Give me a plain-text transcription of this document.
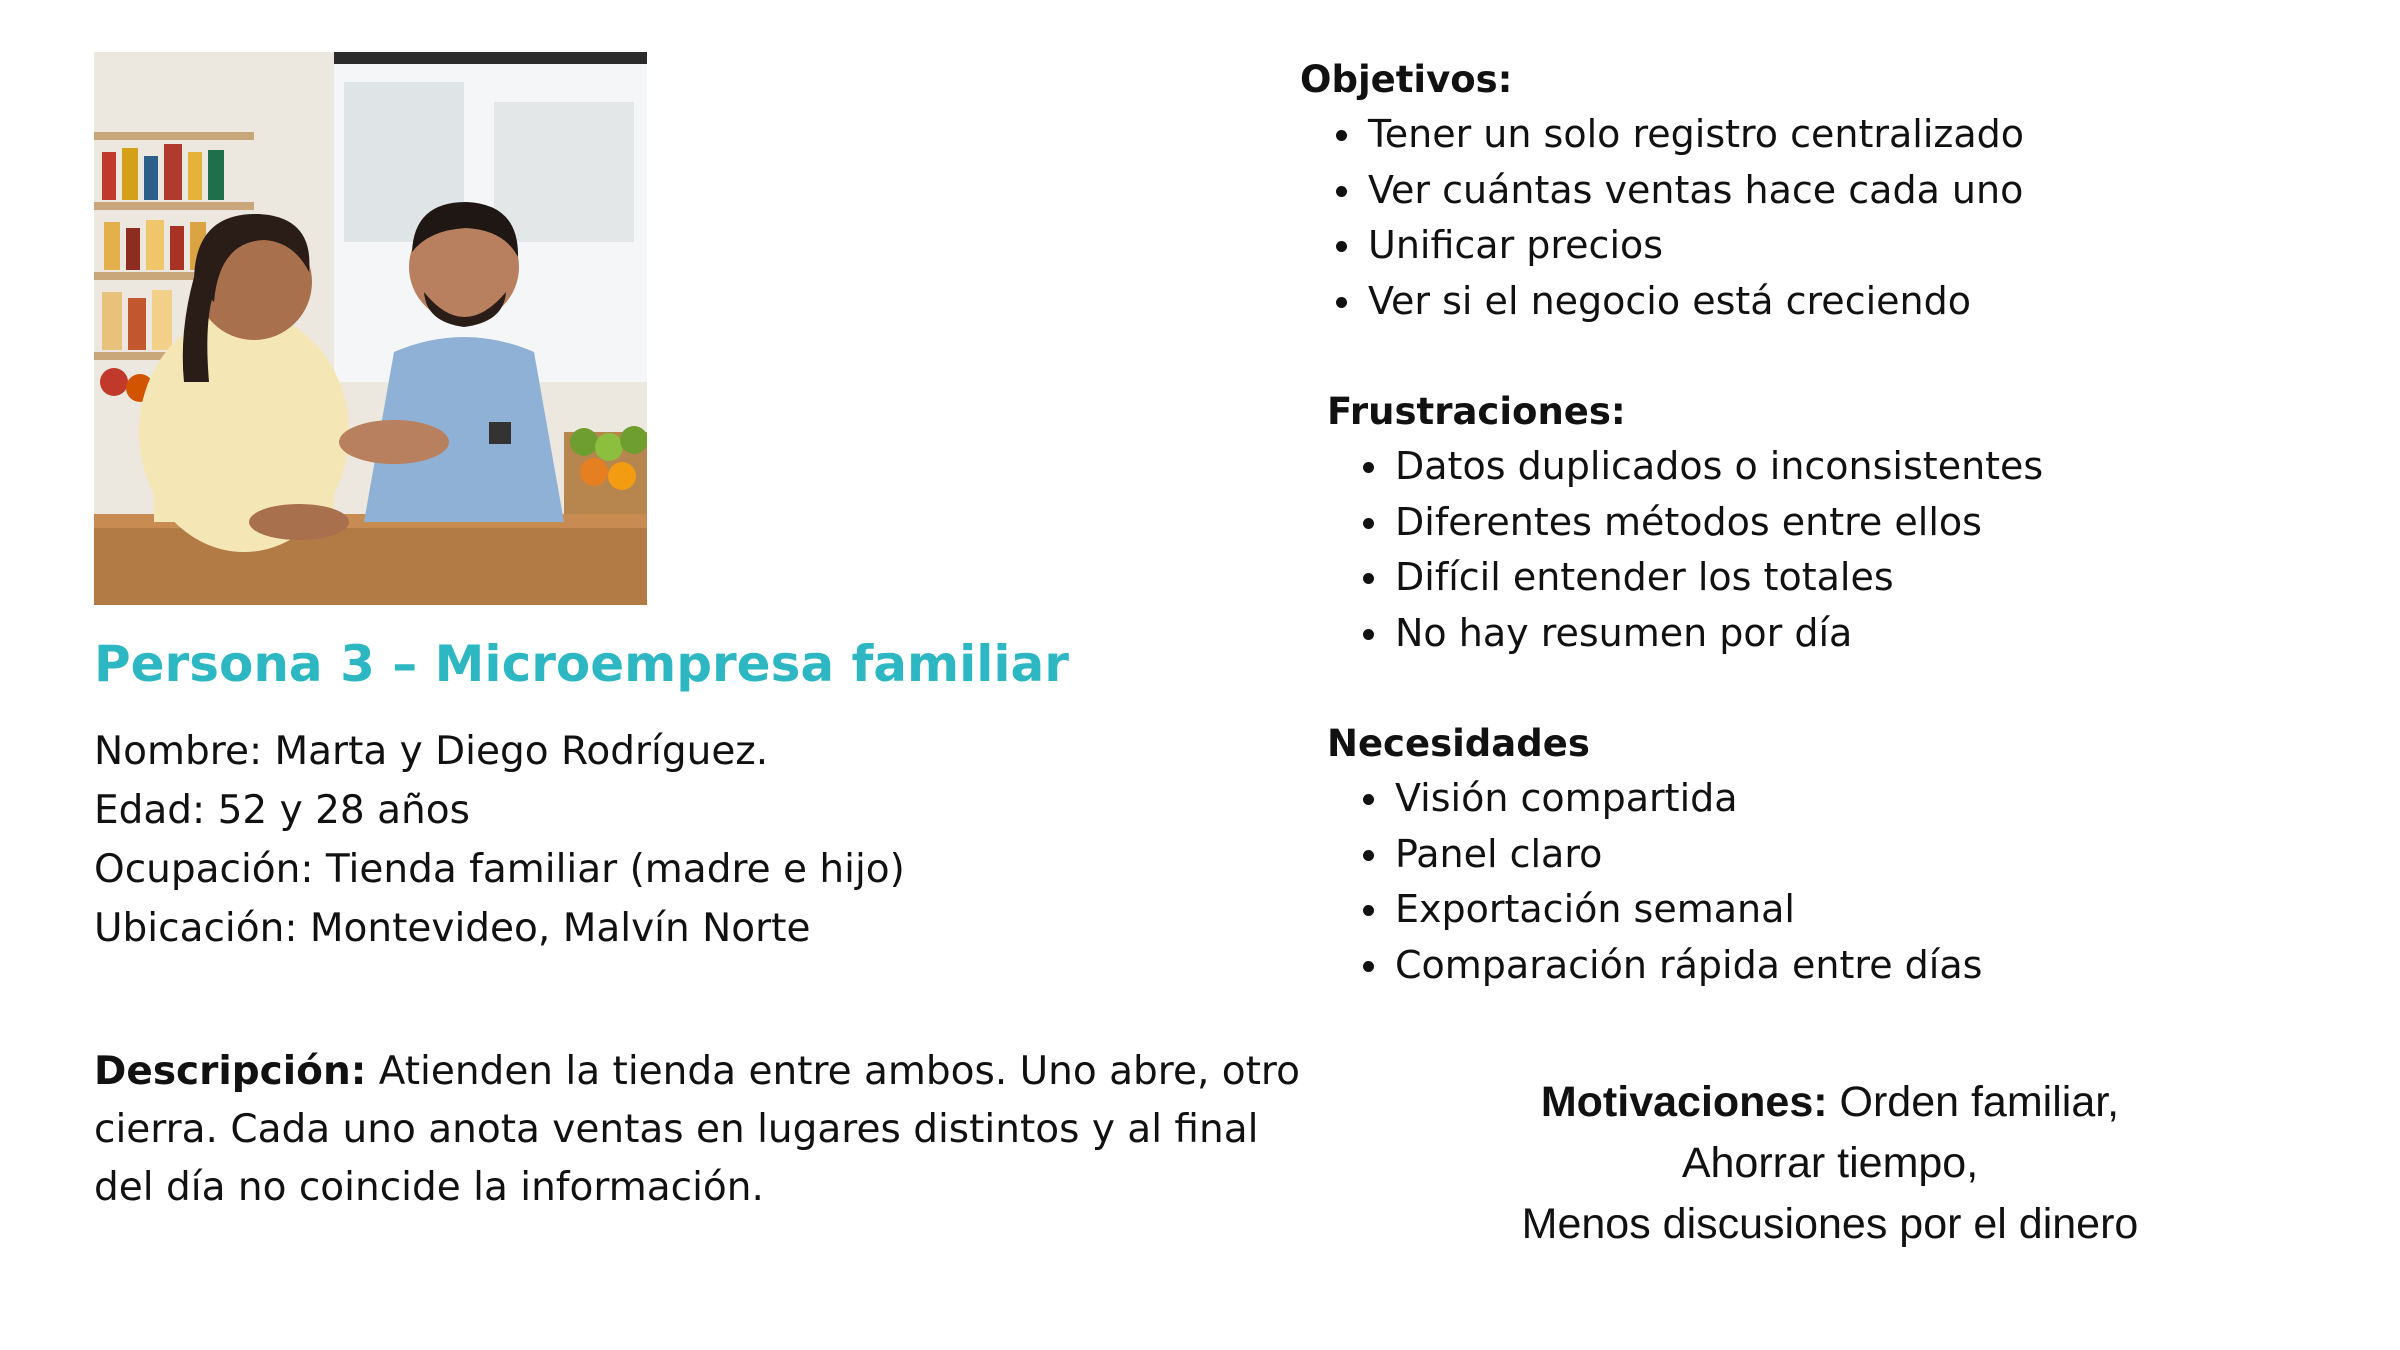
Persona 3 – Microempresa familiar
Nombre: Marta y Diego Rodríguez.
Edad: 52 y 28 años
Ocupación: Tienda familiar (madre e hijo)
Ubicación: Montevideo, Malvín Norte

Descripción: Atienden la tienda entre ambos. Uno abre, otro cierra. Cada uno anota ventas en lugares distintos y al final del día no coincide la información.

Objetivos:
Tener un solo registro centralizado
Ver cuántas ventas hace cada uno
Unificar precios
Ver si el negocio está creciendo
Frustraciones:
Datos duplicados o inconsistentes
Diferentes métodos entre ellos
Difícil entender los totales
No hay resumen por día
Necesidades
Visión compartida
Panel claro
Exportación semanal
Comparación rápida entre días
Motivaciones: Orden familiar,
Ahorrar tiempo,
Menos discusiones por el dinero
